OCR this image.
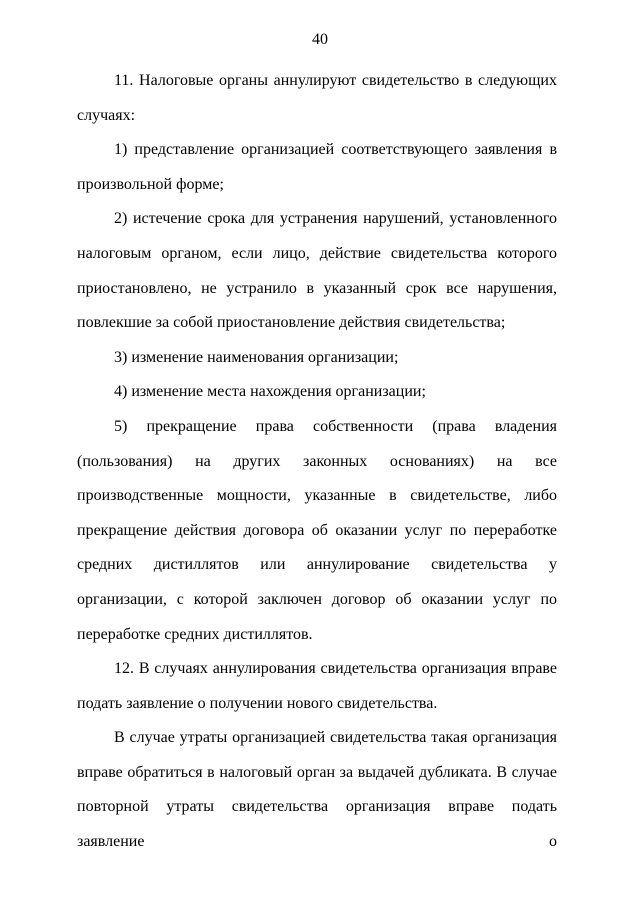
40

11. Налоговые органы аннулируют свидетельство в следующих случаях:

1) представление организацией соответствующего заявления в произвольной форме;

2) истечение срока для устранения нарушений, установленного налоговым органом, если лицо, действие свидетельства которого приостановлено, не устранило в указанный срок все нарушения, повлекшие за собой приостановление действия свидетельства;

3) изменение наименования организации;

4) изменение места нахождения организации;

5) прекращение права собственности (права владения (пользования) на других законных основаниях) на все производственные мощности, указанные в свидетельстве, либо прекращение действия договора об оказании услуг по переработке средних дистиллятов или аннулирование свидетельства у организации, с которой заключен договор об оказании услуг по переработке средних дистиллятов.

12. В случаях аннулирования свидетельства организация вправе подать заявление о получении нового свидетельства.

В случае утраты организацией свидетельства такая организация вправе обратиться в налоговый орган за выдачей дубликата. В случае повторной утраты свидетельства организация вправе подать заявление о
